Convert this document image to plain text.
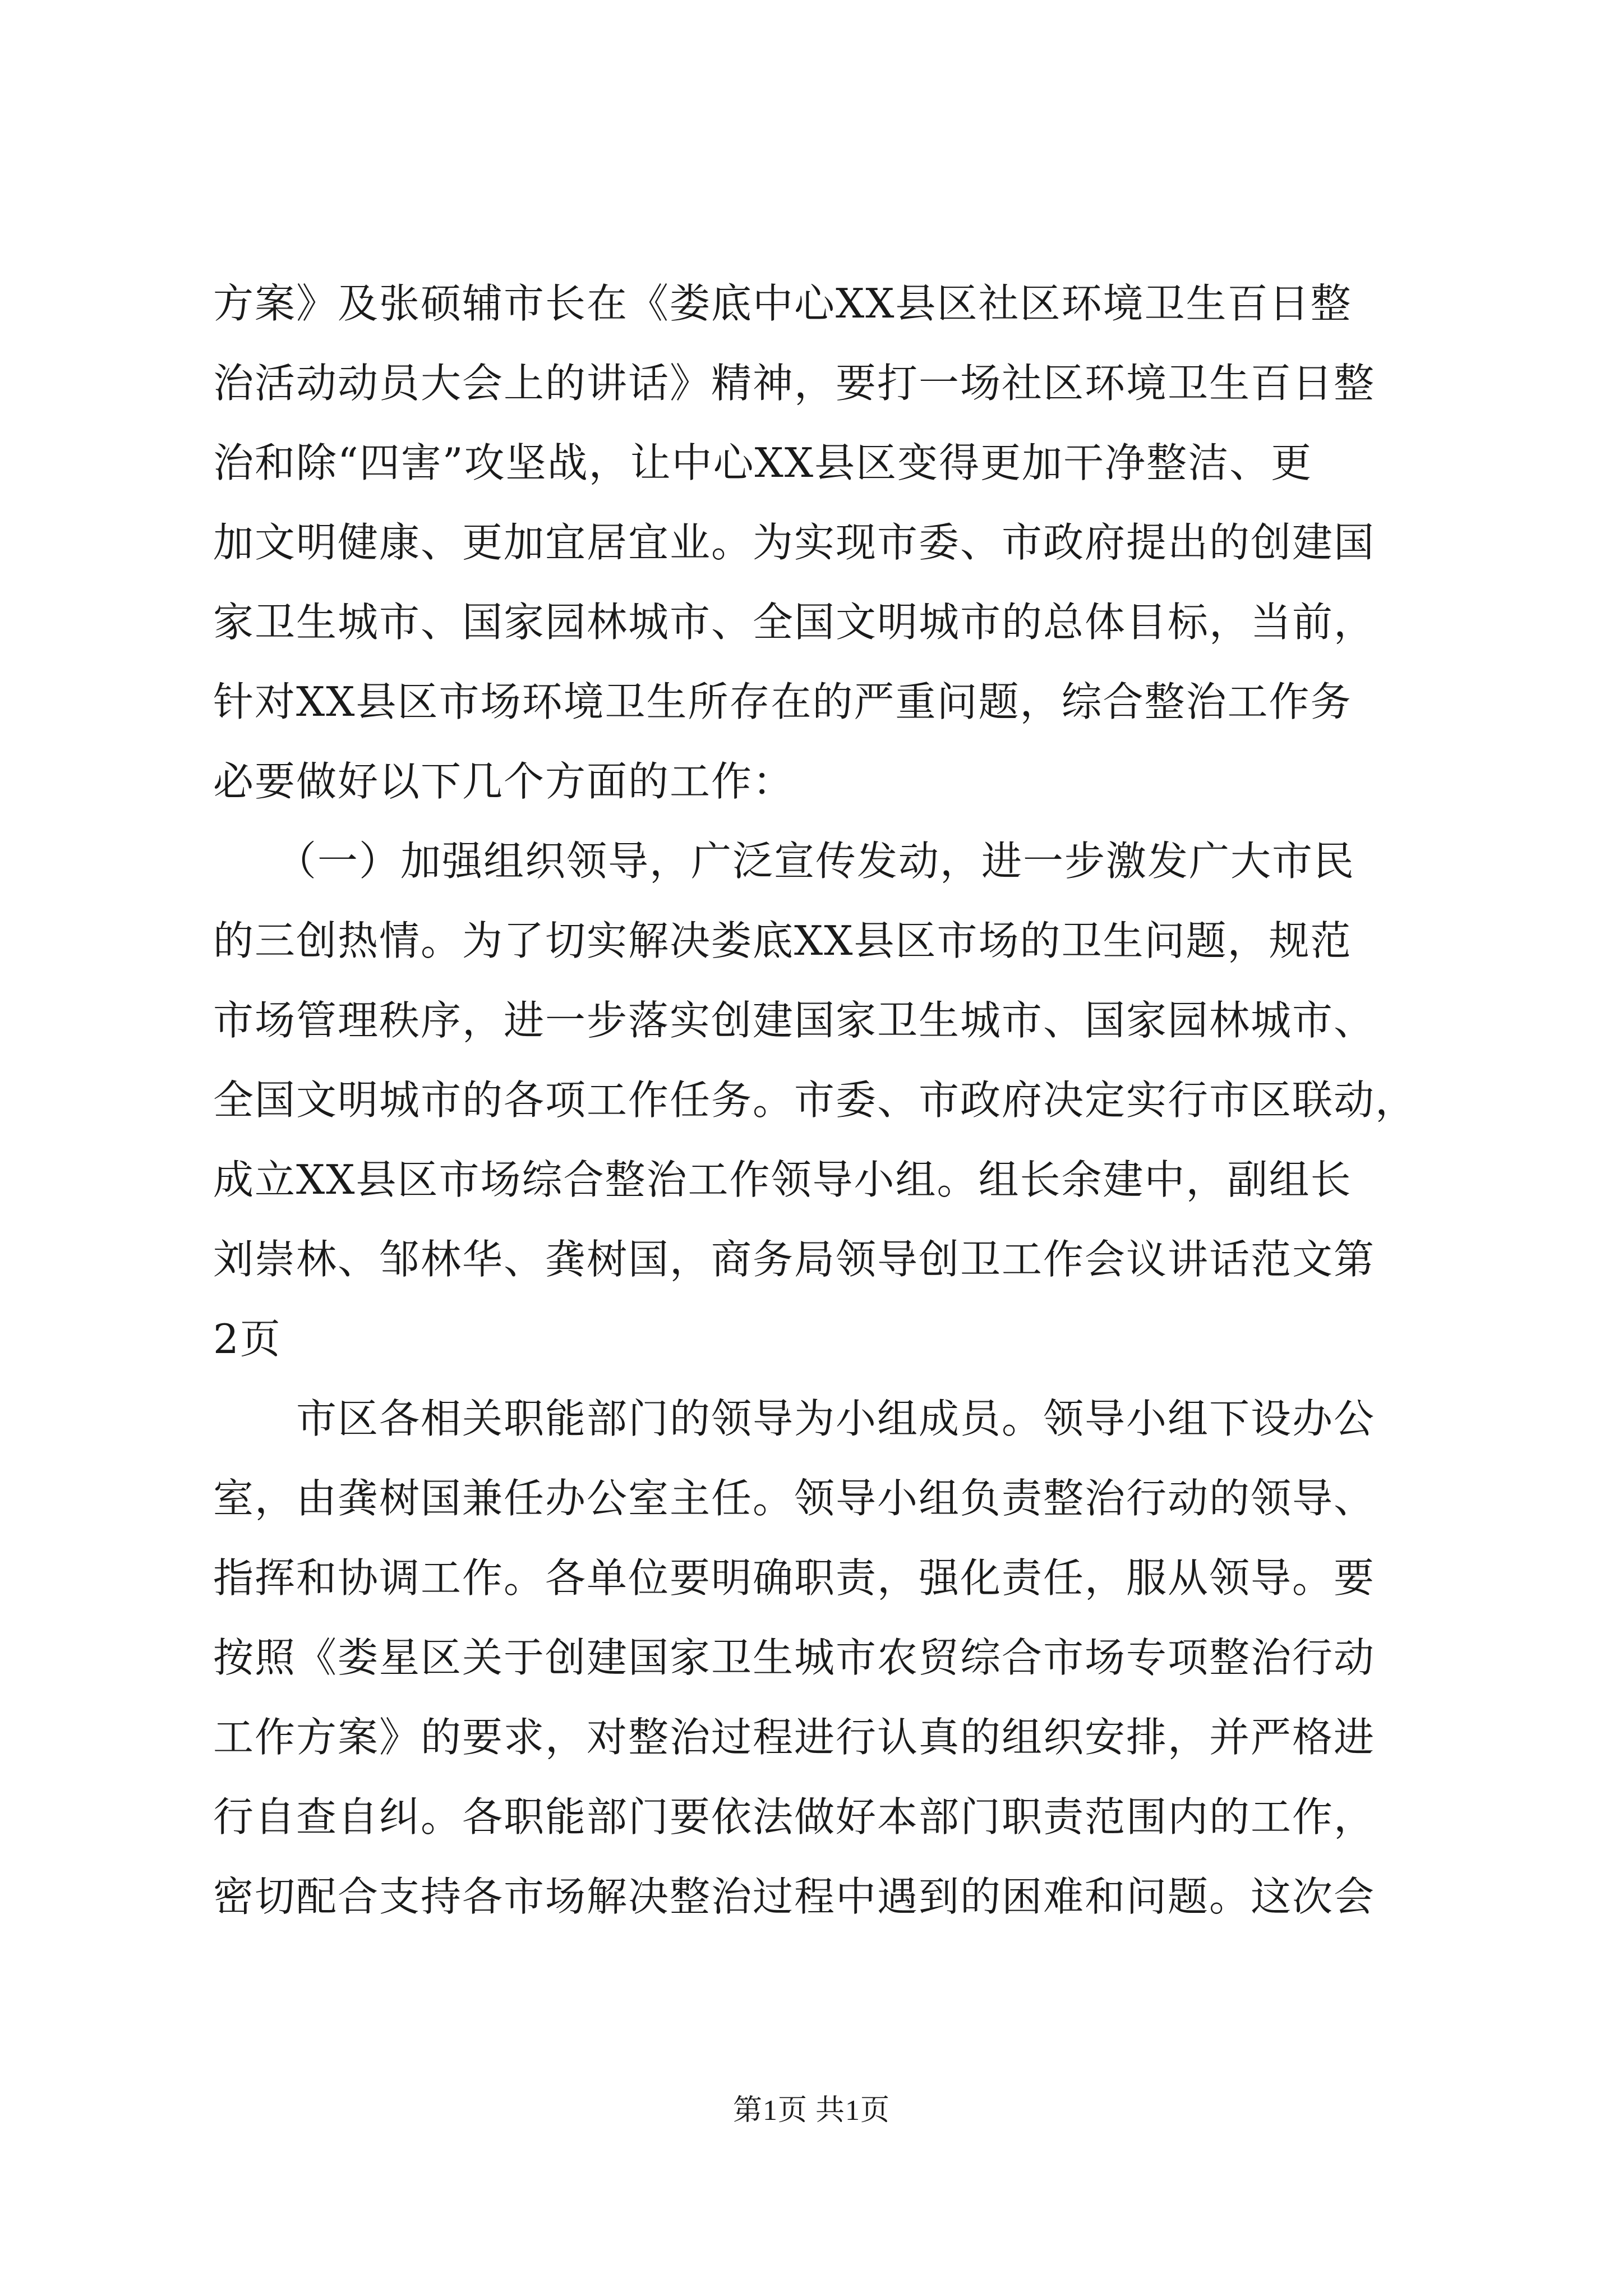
方案》及张硕辅市长在《娄底中心XX县区社区环境卫生百日整
治活动动员大会上的讲话》精神，要打一场社区环境卫生百日整
治和除“四害”攻坚战，让中心XX县区变得更加干净整洁、更
加文明健康、更加宜居宜业。为实现市委、市政府提出的创建国
家卫生城市、国家园林城市、全国文明城市的总体目标，当前，
针对XX县区市场环境卫生所存在的严重问题，综合整治工作务
必要做好以下几个方面的工作：
　　（一）加强组织领导，广泛宣传发动，进一步激发广大市民
的三创热情。为了切实解决娄底XX县区市场的卫生问题，规范
市场管理秩序，进一步落实创建国家卫生城市、国家园林城市、
全国文明城市的各项工作任务。市委、市政府决定实行市区联动，
成立XX县区市场综合整治工作领导小组。组长余建中，副组长
刘崇林、邹林华、龚树国，商务局领导创卫工作会议讲话范文第
2页
　　市区各相关职能部门的领导为小组成员。领导小组下设办公
室，由龚树国兼任办公室主任。领导小组负责整治行动的领导、
指挥和协调工作。各单位要明确职责，强化责任，服从领导。要
按照《娄星区关于创建国家卫生城市农贸综合市场专项整治行动
工作方案》的要求，对整治过程进行认真的组织安排，并严格进
行自查自纠。各职能部门要依法做好本部门职责范围内的工作，
密切配合支持各市场解决整治过程中遇到的困难和问题。这次会
第1页 共1页
